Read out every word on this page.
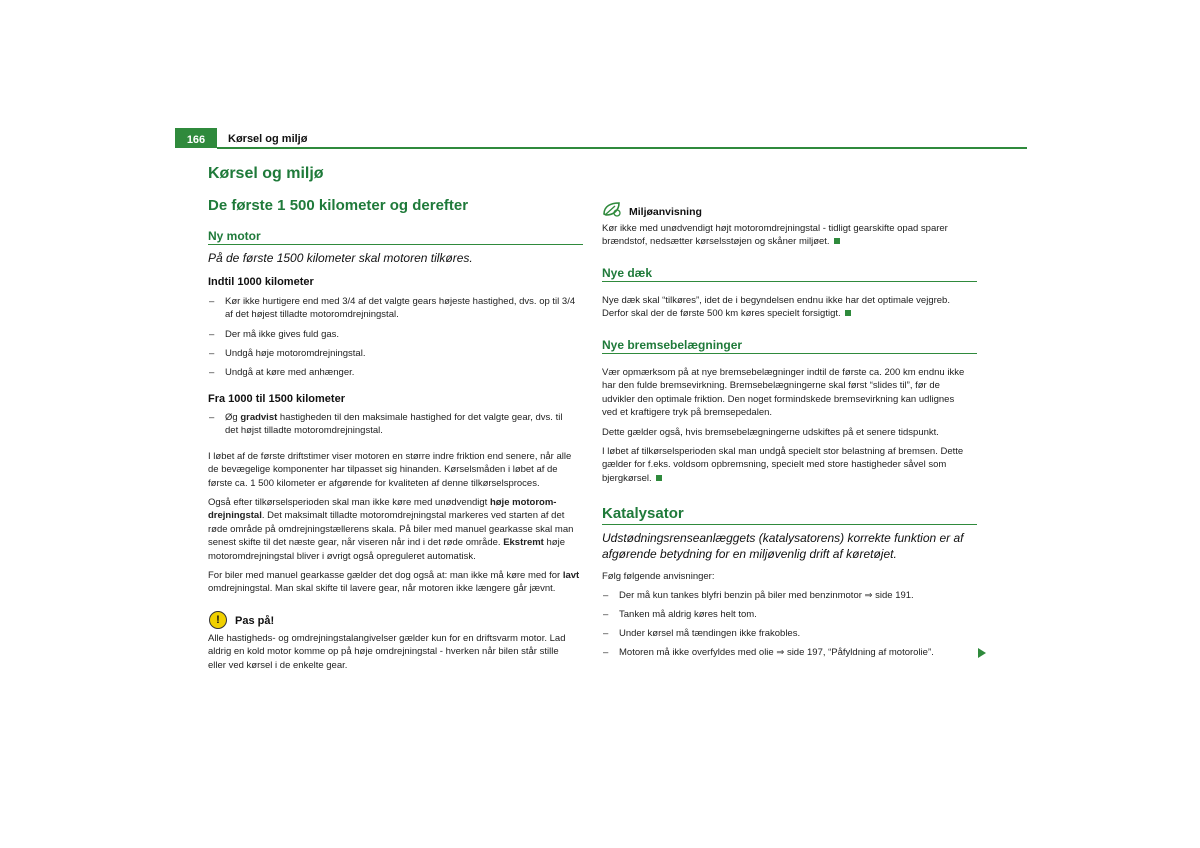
166	Kørsel og miljø
Kørsel og miljø
De første 1 500 kilometer og derefter
Ny motor
På de første 1500 kilometer skal motoren tilkøres.
Indtil 1000 kilometer
– Kør ikke hurtigere end med 3/4 af det valgte gears højeste hastighed, dvs. op til 3/4
af det højest tilladte motoromdrejningstal.
– Der må ikke gives fuld gas.
– Undgå høje motoromdrejningstal.
– Undgå at køre med anhænger.
Fra 1000 til 1500 kilometer
– Øg gradvist hastigheden til den maksimale hastighed for det valgte gear, dvs. til
det højst tilladte motoromdrejningstal.
I løbet af de første driftstimer viser motoren en større indre friktion end senere, når alle
de bevægelige komponenter har tilpasset sig hinanden. Kørselsmåden i løbet af de
første ca. 1 500 kilometer er afgørende for kvaliteten af denne tilkørselsproces.
Også efter tilkørselsperioden skal man ikke køre med unødvendigt høje motorom-
drejningstal. Det maksimalt tilladte motoromdrejningstal markeres ved starten af det
røde område på omdrejningstællerens skala. På biler med manuel gearkasse skal man
senest skifte til det næste gear, når viseren når ind i det røde område. Ekstremt høje
motoromdrejningstal bliver i øvrigt også opreguleret automatisk.
For biler med manuel gearkasse gælder det dog også at: man ikke må køre med for lavt
omdrejningstal. Man skal skifte til lavere gear, når motoren ikke længere går jævnt.
!	Pas på!
Alle hastigheds- og omdrejningstalangivelser gælder kun for en driftsvarm motor. Lad
aldrig en kold motor komme op på høje omdrejningstal - hverken når bilen står stille
eller ved kørsel i de enkelte gear.
Miljøanvisning
Kør ikke med unødvendigt højt motoromdrejningstal - tidligt gearskifte opad sparer
brændstof, nedsætter kørselsstøjen og skåner miljøet.
Nye dæk
Nye dæk skal “tilkøres”, idet de i begyndelsen endnu ikke har det optimale vejgreb.
Derfor skal der de første 500 km køres specielt forsigtigt.
Nye bremsebelægninger
Vær opmærksom på at nye bremsebelægninger indtil de første ca. 200 km endnu ikke
har den fulde bremsevirkning. Bremsebelægningerne skal først “slides til”, før de
udvikler den optimale friktion. Den noget formindskede bremsevirkning kan udlignes
ved et kraftigere tryk på bremsepedalen.
Dette gælder også, hvis bremsebelægningerne udskiftes på et senere tidspunkt.
I løbet af tilkørselsperioden skal man undgå specielt stor belastning af bremsen. Dette
gælder for f.eks. voldsom opbremsning, specielt med store hastigheder såvel som
bjergkørsel.
Katalysator
Udstødningsrenseanlæggets (katalysatorens) korrekte funktion er af
afgørende betydning for en miljøvenlig drift af køretøjet.
Følg følgende anvisninger:
– Der må kun tankes blyfri benzin på biler med benzinmotor ⇒ side 191.
– Tanken må aldrig køres helt tom.
– Under kørsel må tændingen ikke frakobles.
– Motoren må ikke overfyldes med olie ⇒ side 197, “Påfyldning af motorolie”.
